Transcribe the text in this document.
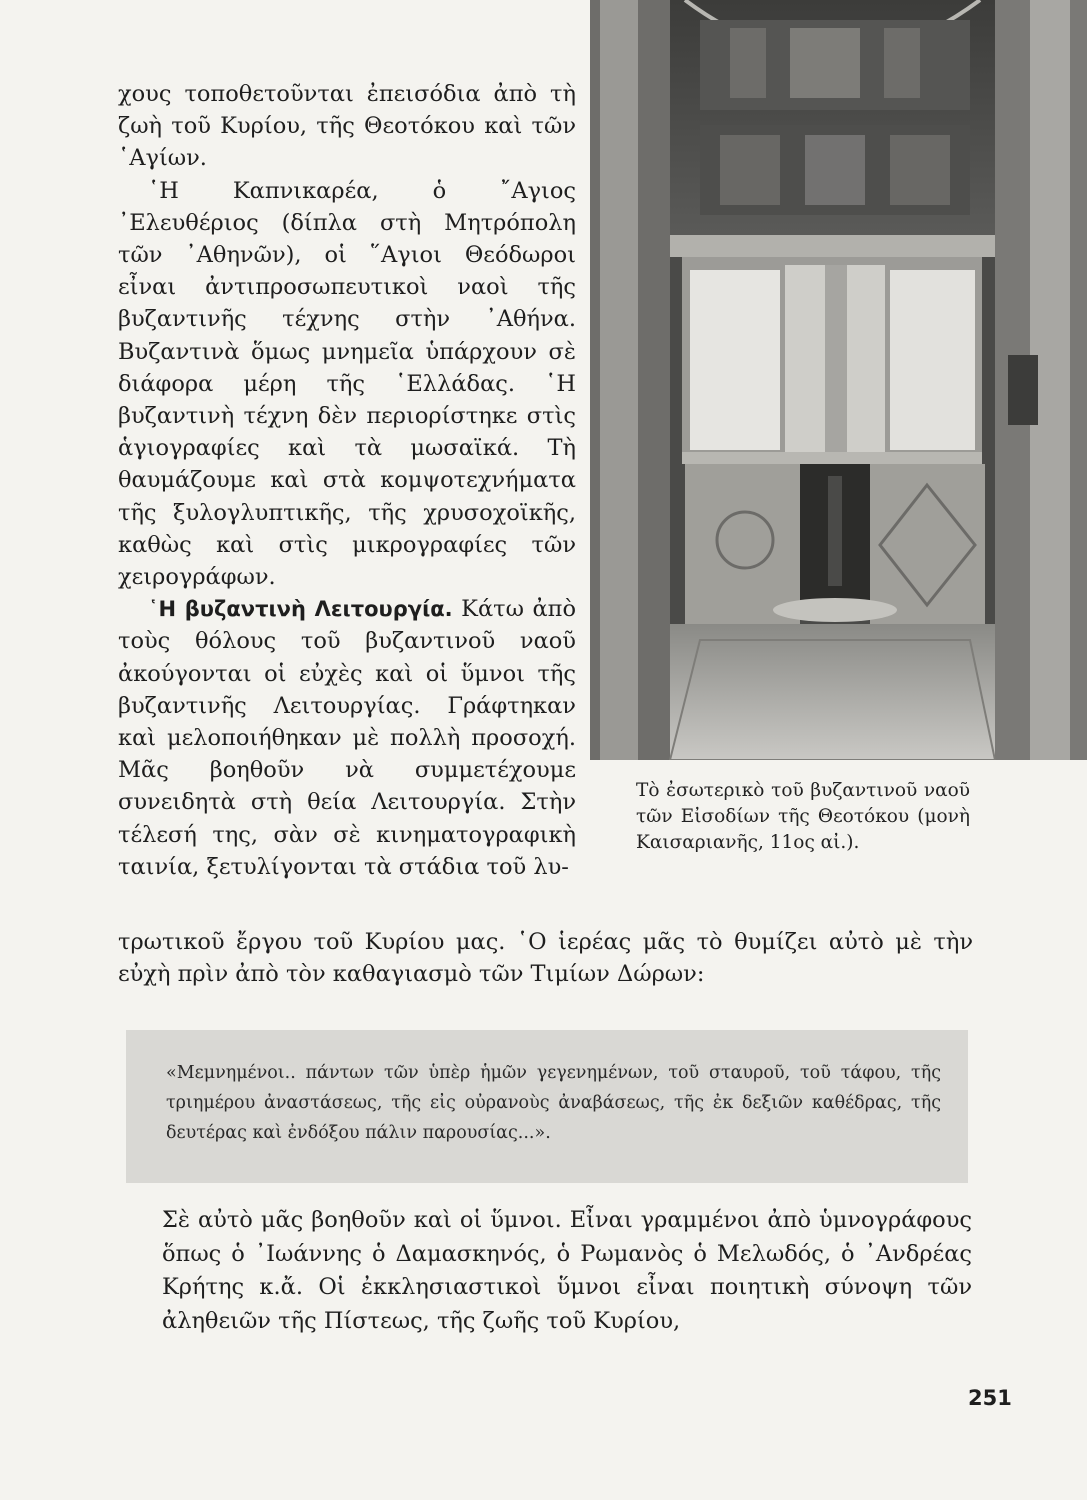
χους τοποθετοῦνται ἐπεισόδια ἀπὸ τὴ ζωὴ τοῦ Κυρίου, τῆς Θεοτόκου καὶ τῶν ῾Αγίων.

῾Η Καπνικαρέα, ὁ ῎Αγιος ᾿Ελευθέριος (δίπλα στὴ Μητρόπολη τῶν ᾿Αθηνῶν), οἱ ῞Αγιοι Θεόδωροι εἶναι ἀντιπροσωπευτικοὶ ναοὶ τῆς βυζαντινῆς τέχνης στὴν ᾿Αθήνα. Βυζαντινὰ ὅμως μνημεῖα ὑπάρχουν σὲ διάφορα μέρη τῆς ῾Ελλάδας. ῾Η βυζαντινὴ τέχνη δὲν περιορίστηκε στὶς ἁγιογραφίες καὶ τὰ μωσαϊκά. Τὴ θαυμάζουμε καὶ στὰ κομψοτεχνήματα τῆς ξυλογλυπτικῆς, τῆς χρυσοχοϊκῆς, καθὼς καὶ στὶς μικρογραφίες τῶν χειρογράφων.

῾Η βυζαντινὴ Λειτουργία. Κάτω ἀπὸ τοὺς θόλους τοῦ βυζαντινοῦ ναοῦ ἀκούγονται οἱ εὐχὲς καὶ οἱ ὕμνοι τῆς βυζαντινῆς Λειτουργίας. Γράφτηκαν καὶ μελοποιήθηκαν μὲ πολλὴ προσοχή. Μᾶς βοηθοῦν νὰ συμμετέχουμε συνειδητὰ στὴ θεία Λειτουργία. Στὴν τέλεσή της, σὰν σὲ κινηματογραφικὴ ταινία, ξετυλίγονται τὰ στάδια τοῦ λυ-

Τὸ ἐσωτερικὸ τοῦ βυζαντινοῦ ναοῦ τῶν Εἰσοδίων τῆς Θεοτόκου (μονὴ Καισαριανῆς, 11ος αἰ.).

τρωτικοῦ ἔργου τοῦ Κυρίου μας. ῾Ο ἱερέας μᾶς τὸ θυμίζει αὐτὸ μὲ τὴν εὐχὴ πρὶν ἀπὸ τὸν καθαγιασμὸ τῶν Τιμίων Δώρων:

«Μεμνημένοι.. πάντων τῶν ὑπὲρ ἡμῶν γεγενημένων, τοῦ σταυροῦ, τοῦ τάφου, τῆς τριημέρου ἀναστάσεως, τῆς εἰς οὐρανοὺς ἀναβάσεως, τῆς ἐκ δεξιῶν καθέδρας, τῆς δευτέρας καὶ ἐνδόξου πάλιν παρουσίας...».

Σὲ αὐτὸ μᾶς βοηθοῦν καὶ οἱ ὕμνοι. Εἶναι γραμμένοι ἀπὸ ὑμνογράφους ὅπως ὁ ᾿Ιωάννης ὁ Δαμασκηνός, ὁ Ρωμανὸς ὁ Μελωδός, ὁ ᾿Ανδρέας Κρήτης κ.ἄ. Οἱ ἐκκλησιαστικοὶ ὕμνοι εἶναι ποιητικὴ σύνοψη τῶν ἀληθειῶν τῆς Πίστεως, τῆς ζωῆς τοῦ Κυρίου,

251
